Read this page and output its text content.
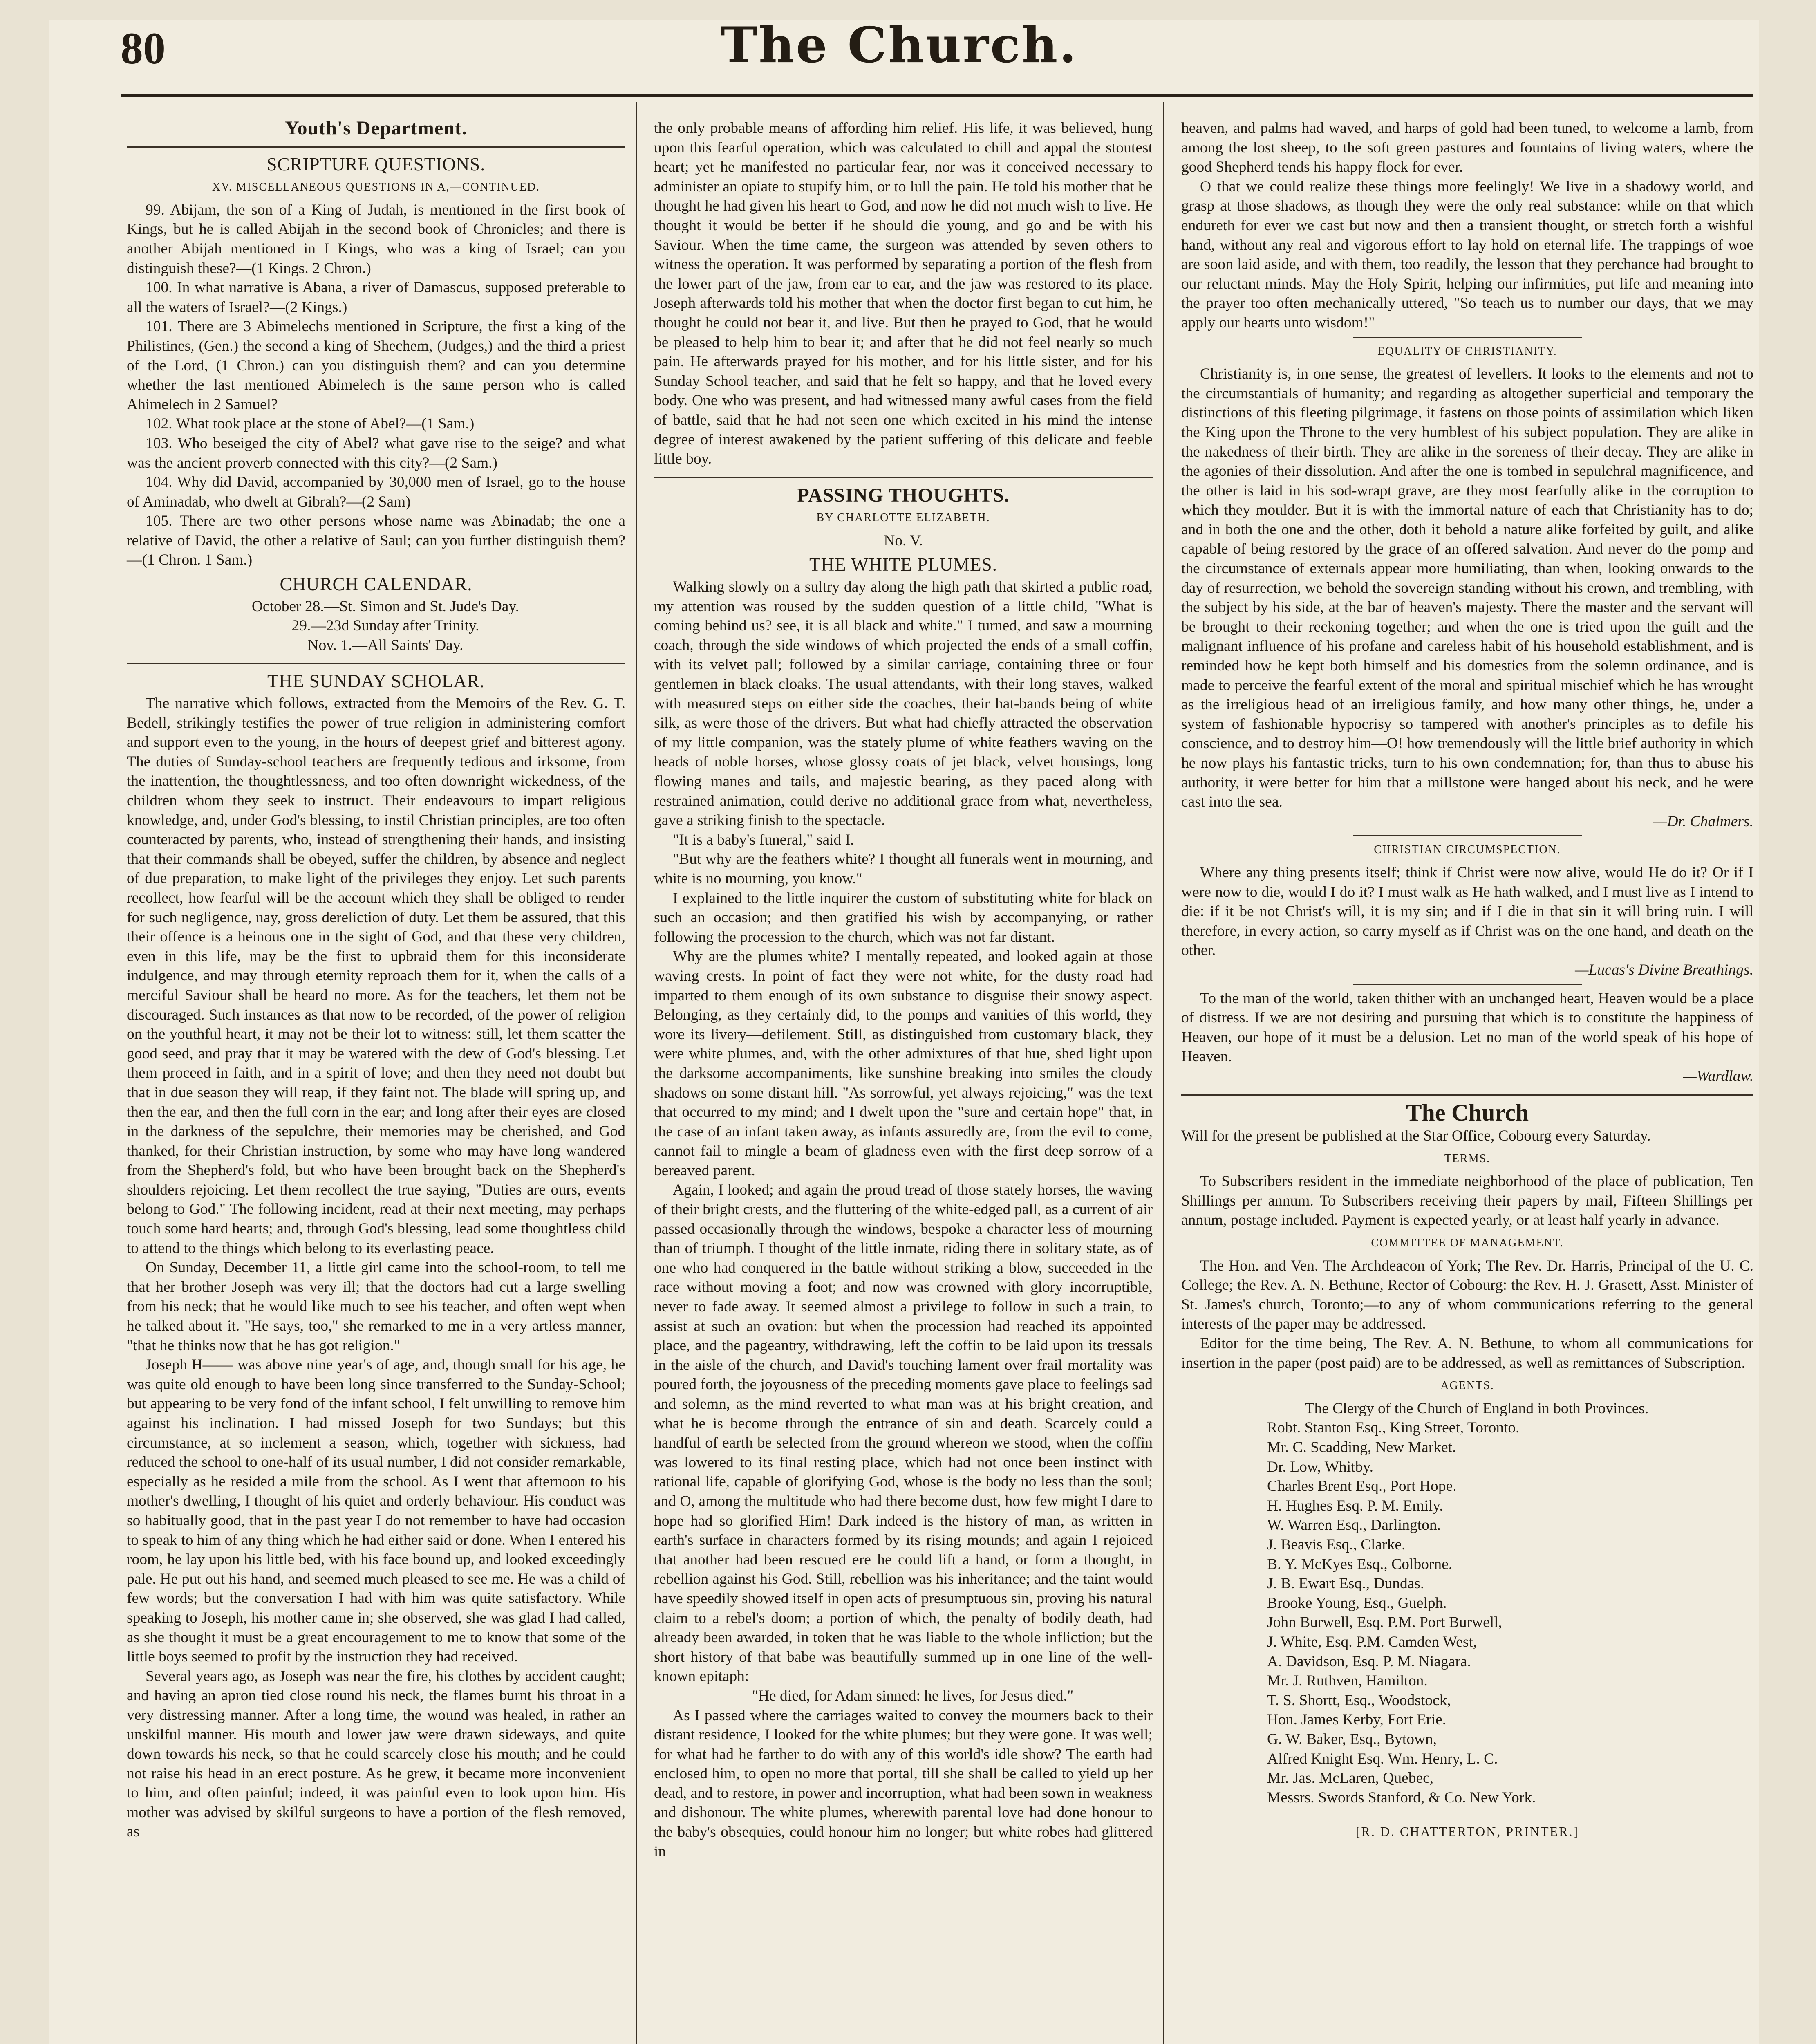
80	The Church.
Youth's Department.
SCRIPTURE QUESTIONS.
XV. MISCELLANEOUS QUESTIONS IN A,—CONTINUED.

99. Abijam, the son of a King of Judah, is mentioned in the first book of Kings, but he is called Abijah in the second book of Chronicles; and there is another Abijah mentioned in I Kings, who was a king of Israel; can you distinguish these?—(1 Kings. 2 Chron.)

100. In what narrative is Abana, a river of Damascus, supposed preferable to all the waters of Israel?—(2 Kings.)

101. There are 3 Abimelechs mentioned in Scripture, the first a king of the Philistines, (Gen.) the second a king of Shechem, (Judges,) and the third a priest of the Lord, (1 Chron.) can you distinguish them? and can you determine whether the last mentioned Abimelech is the same person who is called Ahimelech in 2 Samuel?

102. What took place at the stone of Abel?—(1 Sam.)

103. Who beseiged the city of Abel? what gave rise to the seige? and what was the ancient proverb connected with this city?—(2 Sam.)

104. Why did David, accompanied by 30,000 men of Israel, go to the house of Aminadab, who dwelt at Gibrah?—(2 Sam)

105. There are two other persons whose name was Abinadab; the one a relative of David, the other a relative of Saul; can you further distinguish them?—(1 Chron. 1 Sam.)

CHURCH CALENDAR.

October 28.—St. Simon and St. Jude's Day.

29.—23d Sunday after Trinity.

Nov. 1.—All Saints' Day.

THE SUNDAY SCHOLAR.

The narrative which follows, extracted from the Memoirs of the Rev. G. T. Bedell, strikingly testifies the power of true religion in administering comfort and support even to the young, in the hours of deepest grief and bitterest agony. The duties of Sunday-school teachers are frequently tedious and irksome, from the inattention, the thoughtlessness, and too often downright wickedness, of the children whom they seek to instruct. Their endeavours to impart religious knowledge, and, under God's blessing, to instil Christian principles, are too often counteracted by parents, who, instead of strengthening their hands, and insisting that their commands shall be obeyed, suffer the children, by absence and neglect of due preparation, to make light of the privileges they enjoy. Let such parents recollect, how fearful will be the account which they shall be obliged to render for such negligence, nay, gross dereliction of duty. Let them be assured, that this their offence is a heinous one in the sight of God, and that these very children, even in this life, may be the first to upbraid them for this inconsiderate indulgence, and may through eternity reproach them for it, when the calls of a merciful Saviour shall be heard no more. As for the teachers, let them not be discouraged. Such instances as that now to be recorded, of the power of religion on the youthful heart, it may not be their lot to witness: still, let them scatter the good seed, and pray that it may be watered with the dew of God's blessing. Let them proceed in faith, and in a spirit of love; and then they need not doubt but that in due season they will reap, if they faint not. The blade will spring up, and then the ear, and then the full corn in the ear; and long after their eyes are closed in the darkness of the sepulchre, their memories may be cherished, and God thanked, for their Christian instruction, by some who may have long wandered from the Shepherd's fold, but who have been brought back on the Shepherd's shoulders rejoicing. Let them recollect the true saying, "Duties are ours, events belong to God." The following incident, read at their next meeting, may perhaps touch some hard hearts; and, through God's blessing, lead some thoughtless child to attend to the things which belong to its everlasting peace.

On Sunday, December 11, a little girl came into the school-room, to tell me that her brother Joseph was very ill; that the doctors had cut a large swelling from his neck; that he would like much to see his teacher, and often wept when he talked about it. "He says, too," she remarked to me in a very artless manner, "that he thinks now that he has got religion."

Joseph H—— was above nine year's of age, and, though small for his age, he was quite old enough to have been long since transferred to the Sunday-School; but appearing to be very fond of the infant school, I felt unwilling to remove him against his inclination. I had missed Joseph for two Sundays; but this circumstance, at so inclement a season, which, together with sickness, had reduced the school to one-half of its usual number, I did not consider remarkable, especially as he resided a mile from the school. As I went that afternoon to his mother's dwelling, I thought of his quiet and orderly behaviour. His conduct was so habitually good, that in the past year I do not remember to have had occasion to speak to him of any thing which he had either said or done. When I entered his room, he lay upon his little bed, with his face bound up, and looked exceedingly pale. He put out his hand, and seemed much pleased to see me. He was a child of few words; but the conversation I had with him was quite satisfactory. While speaking to Joseph, his mother came in; she observed, she was glad I had called, as she thought it must be a great encouragement to me to know that some of the little boys seemed to profit by the instruction they had received.

Several years ago, as Joseph was near the fire, his clothes by accident caught; and having an apron tied close round his neck, the flames burnt his throat in a very distressing manner. After a long time, the wound was healed, in rather an unskilful manner. His mouth and lower jaw were drawn sideways, and quite down towards his neck, so that he could scarcely close his mouth; and he could not raise his head in an erect posture. As he grew, it became more inconvenient to him, and often painful; indeed, it was painful even to look upon him. His mother was advised by skilful surgeons to have a portion of the flesh removed, as

the only probable means of affording him relief. His life, it was believed, hung upon this fearful operation, which was calculated to chill and appal the stoutest heart; yet he manifested no particular fear, nor was it conceived necessary to administer an opiate to stupify him, or to lull the pain. He told his mother that he thought he had given his heart to God, and now he did not much wish to live. He thought it would be better if he should die young, and go and be with his Saviour. When the time came, the surgeon was attended by seven others to witness the operation. It was performed by separating a portion of the flesh from the lower part of the jaw, from ear to ear, and the jaw was restored to its place. Joseph afterwards told his mother that when the doctor first began to cut him, he thought he could not bear it, and live. But then he prayed to God, that he would be pleased to help him to bear it; and after that he did not feel nearly so much pain. He afterwards prayed for his mother, and for his little sister, and for his Sunday School teacher, and said that he felt so happy, and that he loved every body. One who was present, and had witnessed many awful cases from the field of battle, said that he had not seen one which excited in his mind the intense degree of interest awakened by the patient suffering of this delicate and feeble little boy.

PASSING THOUGHTS.
BY CHARLOTTE ELIZABETH.
No. V.
THE WHITE PLUMES.

Walking slowly on a sultry day along the high path that skirted a public road, my attention was roused by the sudden question of a little child, "What is coming behind us? see, it is all black and white." I turned, and saw a mourning coach, through the side windows of which projected the ends of a small coffin, with its velvet pall; followed by a similar carriage, containing three or four gentlemen in black cloaks. The usual attendants, with their long staves, walked with measured steps on either side the coaches, their hat-bands being of white silk, as were those of the drivers. But what had chiefly attracted the observation of my little companion, was the stately plume of white feathers waving on the heads of noble horses, whose glossy coats of jet black, velvet housings, long flowing manes and tails, and majestic bearing, as they paced along with restrained animation, could derive no additional grace from what, nevertheless, gave a striking finish to the spectacle.

"It is a baby's funeral," said I.

"But why are the feathers white? I thought all funerals went in mourning, and white is no mourning, you know."

I explained to the little inquirer the custom of substituting white for black on such an occasion; and then gratified his wish by accompanying, or rather following the procession to the church, which was not far distant.

Why are the plumes white? I mentally repeated, and looked again at those waving crests. In point of fact they were not white, for the dusty road had imparted to them enough of its own substance to disguise their snowy aspect. Belonging, as they certainly did, to the pomps and vanities of this world, they wore its livery—defilement. Still, as distinguished from customary black, they were white plumes, and, with the other admixtures of that hue, shed light upon the darksome accompaniments, like sunshine breaking into smiles the cloudy shadows on some distant hill. "As sorrowful, yet always rejoicing," was the text that occurred to my mind; and I dwelt upon the "sure and certain hope" that, in the case of an infant taken away, as infants assuredly are, from the evil to come, cannot fail to mingle a beam of gladness even with the first deep sorrow of a bereaved parent.

Again, I looked; and again the proud tread of those stately horses, the waving of their bright crests, and the fluttering of the white-edged pall, as a current of air passed occasionally through the windows, bespoke a character less of mourning than of triumph. I thought of the little inmate, riding there in solitary state, as of one who had conquered in the battle without striking a blow, succeeded in the race without moving a foot; and now was crowned with glory incorruptible, never to fade away. It seemed almost a privilege to follow in such a train, to assist at such an ovation: but when the procession had reached its appointed place, and the pageantry, withdrawing, left the coffin to be laid upon its tressals in the aisle of the church, and David's touching lament over frail mortality was poured forth, the joyousness of the preceding moments gave place to feelings sad and solemn, as the mind reverted to what man was at his bright creation, and what he is become through the entrance of sin and death. Scarcely could a handful of earth be selected from the ground whereon we stood, when the coffin was lowered to its final resting place, which had not once been instinct with rational life, capable of glorifying God, whose is the body no less than the soul; and O, among the multitude who had there become dust, how few might I dare to hope had so glorified Him! Dark indeed is the history of man, as written in earth's surface in characters formed by its rising mounds; and again I rejoiced that another had been rescued ere he could lift a hand, or form a thought, in rebellion against his God. Still, rebellion was his inheritance; and the taint would have speedily showed itself in open acts of presumptuous sin, proving his natural claim to a rebel's doom; a portion of which, the penalty of bodily death, had already been awarded, in token that he was liable to the whole infliction; but the short history of that babe was beautifully summed up in one line of the well-known epitaph:

"He died, for Adam sinned: he lives, for Jesus died."

As I passed where the carriages waited to convey the mourners back to their distant residence, I looked for the white plumes; but they were gone. It was well; for what had he farther to do with any of this world's idle show? The earth had enclosed him, to open no more that portal, till she shall be called to yield up her dead, and to restore, in power and incorruption, what had been sown in weakness and dishonour. The white plumes, wherewith parental love had done honour to the baby's obsequies, could honour him no longer; but white robes had glittered in

heaven, and palms had waved, and harps of gold had been tuned, to welcome a lamb, from among the lost sheep, to the soft green pastures and fountains of living waters, where the good Shepherd tends his happy flock for ever.

O that we could realize these things more feelingly! We live in a shadowy world, and grasp at those shadows, as though they were the only real substance: while on that which endureth for ever we cast but now and then a transient thought, or stretch forth a wishful hand, without any real and vigorous effort to lay hold on eternal life. The trappings of woe are soon laid aside, and with them, too readily, the lesson that they perchance had brought to our reluctant minds. May the Holy Spirit, helping our infirmities, put life and meaning into the prayer too often mechanically uttered, "So teach us to number our days, that we may apply our hearts unto wisdom!"

EQUALITY OF CHRISTIANITY.

Christianity is, in one sense, the greatest of levellers. It looks to the elements and not to the circumstantials of humanity; and regarding as altogether superficial and temporary the distinctions of this fleeting pilgrimage, it fastens on those points of assimilation which liken the King upon the Throne to the very humblest of his subject population. They are alike in the nakedness of their birth. They are alike in the soreness of their decay. They are alike in the agonies of their dissolution. And after the one is tombed in sepulchral magnificence, and the other is laid in his sod-wrapt grave, are they most fearfully alike in the corruption to which they moulder. But it is with the immortal nature of each that Christianity has to do; and in both the one and the other, doth it behold a nature alike forfeited by guilt, and alike capable of being restored by the grace of an offered salvation. And never do the pomp and the circumstance of externals appear more humiliating, than when, looking onwards to the day of resurrection, we behold the sovereign standing without his crown, and trembling, with the subject by his side, at the bar of heaven's majesty. There the master and the servant will be brought to their reckoning together; and when the one is tried upon the guilt and the malignant influence of his profane and careless habit of his household establishment, and is reminded how he kept both himself and his domestics from the solemn ordinance, and is made to perceive the fearful extent of the moral and spiritual mischief which he has wrought as the irreligious head of an irreligious family, and how many other things, he, under a system of fashionable hypocrisy so tampered with another's principles as to defile his conscience, and to destroy him—O! how tremendously will the little brief authority in which he now plays his fantastic tricks, turn to his own condemnation; for, than thus to abuse his authority, it were better for him that a millstone were hanged about his neck, and he were cast into the sea.

—Dr. Chalmers.
CHRISTIAN CIRCUMSPECTION.

Where any thing presents itself; think if Christ were now alive, would He do it? Or if I were now to die, would I do it? I must walk as He hath walked, and I must live as I intend to die: if it be not Christ's will, it is my sin; and if I die in that sin it will bring ruin. I will therefore, in every action, so carry myself as if Christ was on the one hand, and death on the other.

—Lucas's Divine Breathings.

To the man of the world, taken thither with an unchanged heart, Heaven would be a place of distress. If we are not desiring and pursuing that which is to constitute the happiness of Heaven, our hope of it must be a delusion. Let no man of the world speak of his hope of Heaven.

—Wardlaw.
The Church

Will for the present be published at the Star Office, Cobourg every Saturday.

TERMS.

To Subscribers resident in the immediate neighborhood of the place of publication, Ten Shillings per annum. To Subscribers receiving their papers by mail, Fifteen Shillings per annum, postage included. Payment is expected yearly, or at least half yearly in advance.

COMMITTEE OF MANAGEMENT.

The Hon. and Ven. The Archdeacon of York; The Rev. Dr. Harris, Principal of the U. C. College; the Rev. A. N. Bethune, Rector of Cobourg: the Rev. H. J. Grasett, Asst. Minister of St. James's church, Toronto;—to any of whom communications referring to the general interests of the paper may be addressed.

Editor for the time being, The Rev. A. N. Bethune, to whom all communications for insertion in the paper (post paid) are to be addressed, as well as remittances of Subscription.

AGENTS.

The Clergy of the Church of England in both Provinces.

Robt. Stanton Esq., King Street, Toronto.
Mr. C. Scadding, New Market.
Dr. Low, Whitby.
Charles Brent Esq., Port Hope.
H. Hughes Esq. P. M. Emily.
W. Warren Esq., Darlington.
J. Beavis Esq., Clarke.
B. Y. McKyes Esq., Colborne.
J. B. Ewart Esq., Dundas.
Brooke Young, Esq., Guelph.
John Burwell, Esq. P.M. Port Burwell,
J. White, Esq. P.M. Camden West,
A. Davidson, Esq. P. M. Niagara.
Mr. J. Ruthven, Hamilton.
T. S. Shortt, Esq., Woodstock,
Hon. James Kerby, Fort Erie.
G. W. Baker, Esq., Bytown,
Alfred Knight Esq. Wm. Henry, L. C.
Mr. Jas. McLaren, Quebec,
Messrs. Swords Stanford, & Co. New York.
[R. D. CHATTERTON, PRINTER.]
